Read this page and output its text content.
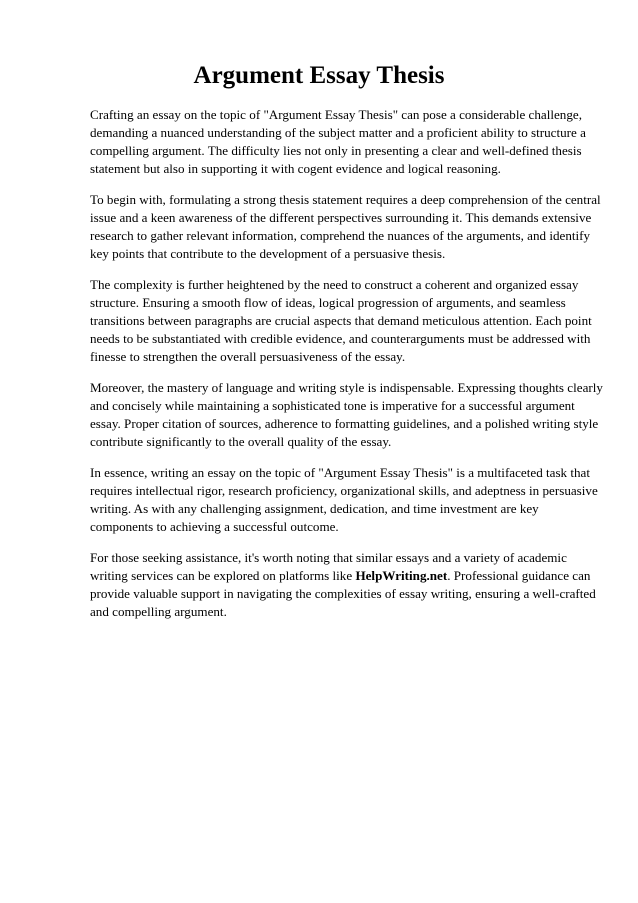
Argument Essay Thesis

Crafting an essay on the topic of "Argument Essay Thesis" can pose a considerable challenge,
demanding a nuanced understanding of the subject matter and a proficient ability to structure a
compelling argument. The difficulty lies not only in presenting a clear and well-defined thesis
statement but also in supporting it with cogent evidence and logical reasoning.

To begin with, formulating a strong thesis statement requires a deep comprehension of the central
issue and a keen awareness of the different perspectives surrounding it. This demands extensive
research to gather relevant information, comprehend the nuances of the arguments, and identify
key points that contribute to the development of a persuasive thesis.

The complexity is further heightened by the need to construct a coherent and organized essay
structure. Ensuring a smooth flow of ideas, logical progression of arguments, and seamless
transitions between paragraphs are crucial aspects that demand meticulous attention. Each point
needs to be substantiated with credible evidence, and counterarguments must be addressed with
finesse to strengthen the overall persuasiveness of the essay.

Moreover, the mastery of language and writing style is indispensable. Expressing thoughts clearly
and concisely while maintaining a sophisticated tone is imperative for a successful argument
essay. Proper citation of sources, adherence to formatting guidelines, and a polished writing style
contribute significantly to the overall quality of the essay.

In essence, writing an essay on the topic of "Argument Essay Thesis" is a multifaceted task that
requires intellectual rigor, research proficiency, organizational skills, and adeptness in persuasive
writing. As with any challenging assignment, dedication, and time investment are key
components to achieving a successful outcome.

For those seeking assistance, it's worth noting that similar essays and a variety of academic
writing services can be explored on platforms like HelpWriting.net. Professional guidance can
provide valuable support in navigating the complexities of essay writing, ensuring a well-crafted
and compelling argument.
